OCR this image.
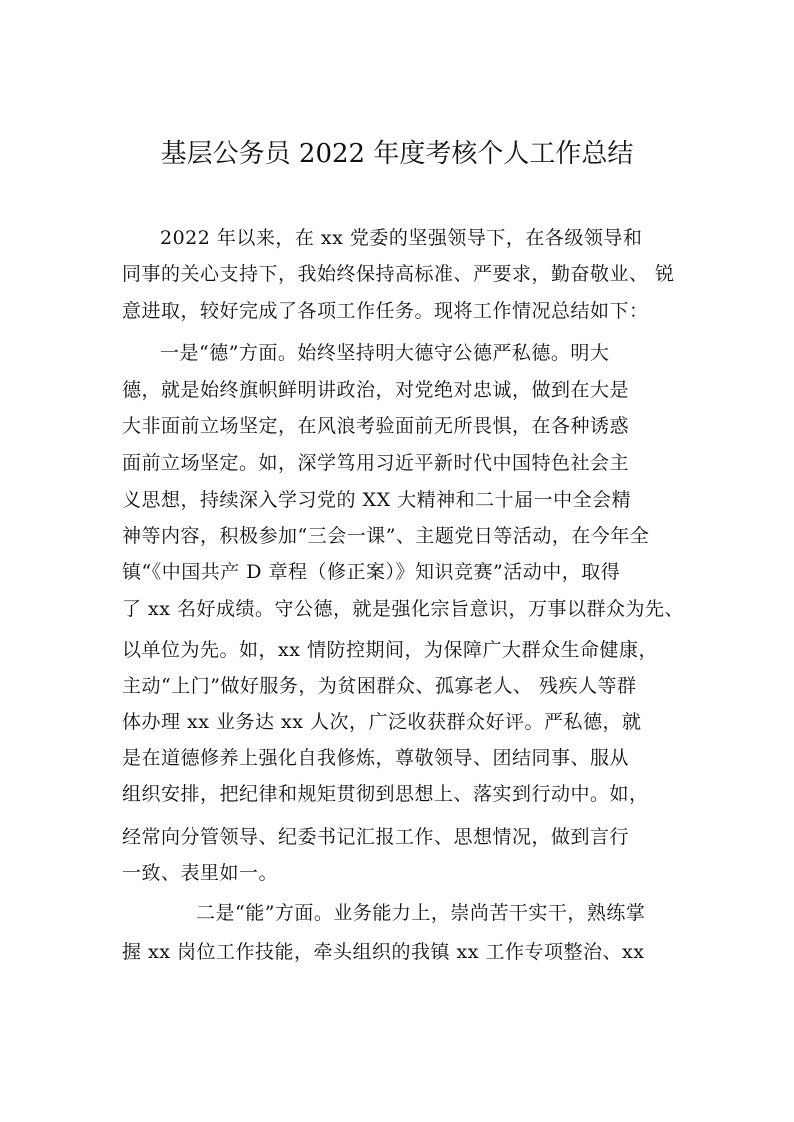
基层公务员 2022 年度考核个人工作总结
2022 年以来，在 xx 党委的坚强领导下，在各级领导和
同事的关心支持下，我始终保持高标准、严要求，勤奋敬业、 锐
意进取，较好完成了各项工作任务。现将工作情况总结如下：
一是“德”方面。始终坚持明大德守公德严私德。明大
德，就是始终旗帜鲜明讲政治，对党绝对忠诚，做到在大是
大非面前立场坚定，在风浪考验面前无所畏惧，在各种诱惑
面前立场坚定。如，深学笃用习近平新时代中国特色社会主
义思想，持续深入学习党的 XX 大精神和二十届一中全会精
神等内容，积极参加“三会一课”、主题党日等活动，在今年全
镇“《中国共产 D 章程（修正案）》知识竞赛”活动中，取得
了 xx 名好成绩。守公德，就是强化宗旨意识，万事以群众为先、
以单位为先。如，xx 情防控期间，为保障广大群众生命健康，
主动“上门”做好服务，为贫困群众、孤寡老人、 残疾人等群
体办理 xx 业务达 xx 人次，广泛收获群众好评。严私德，就
是在道德修养上强化自我修炼，尊敬领导、团结同事、服从
组织安排，把纪律和规矩贯彻到思想上、落实到行动中。如，
经常向分管领导、纪委书记汇报工作、思想情况，做到言行
一致、表里如一。
二是“能”方面。业务能力上，崇尚苦干实干，熟练掌
握 xx 岗位工作技能，牵头组织的我镇 xx 工作专项整治、xx
